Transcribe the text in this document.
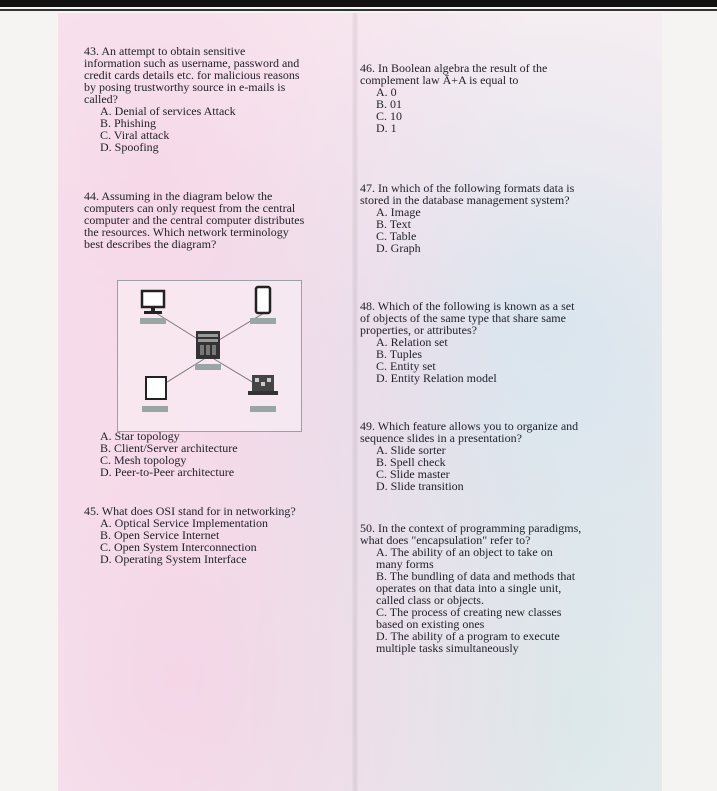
43. An attempt to obtain sensitive information such as username, password and credit cards details etc. for malicious reasons by posing trustworthy source in e-mails is called?

A. Denial of services Attack

B. Phishing

C. Viral attack

D. Spoofing

44. Assuming in the diagram below the computers can only request from the central computer and the central computer distributes the resources. Which network terminology best describes the diagram?

A. Star topology

B. Client/Server architecture

C. Mesh topology

D. Peer-to-Peer architecture

45. What does OSI stand for in networking?

A. Optical Service Implementation

B. Open Service Internet

C. Open System Interconnection

D. Operating System Interface

46. In Boolean algebra the result of the complement law Ā+A is equal to

A. 0

B. 01

C. 10

D. 1

47. In which of the following formats data is stored in the database management system?

A. Image

B. Text

C. Table

D. Graph

48. Which of the following is known as a set of objects of the same type that share same properties, or attributes?

A. Relation set

B. Tuples

C. Entity set

D. Entity Relation model

49. Which feature allows you to organize and sequence slides in a presentation?

A. Slide sorter

B. Spell check

C. Slide master

D. Slide transition

50. In the context of programming paradigms, what does "encapsulation" refer to?

A. The ability of an object to take on many forms

B. The bundling of data and methods that operates on that data into a single unit, called class or objects.

C. The process of creating new classes based on existing ones

D. The ability of a program to execute multiple tasks simultaneously
